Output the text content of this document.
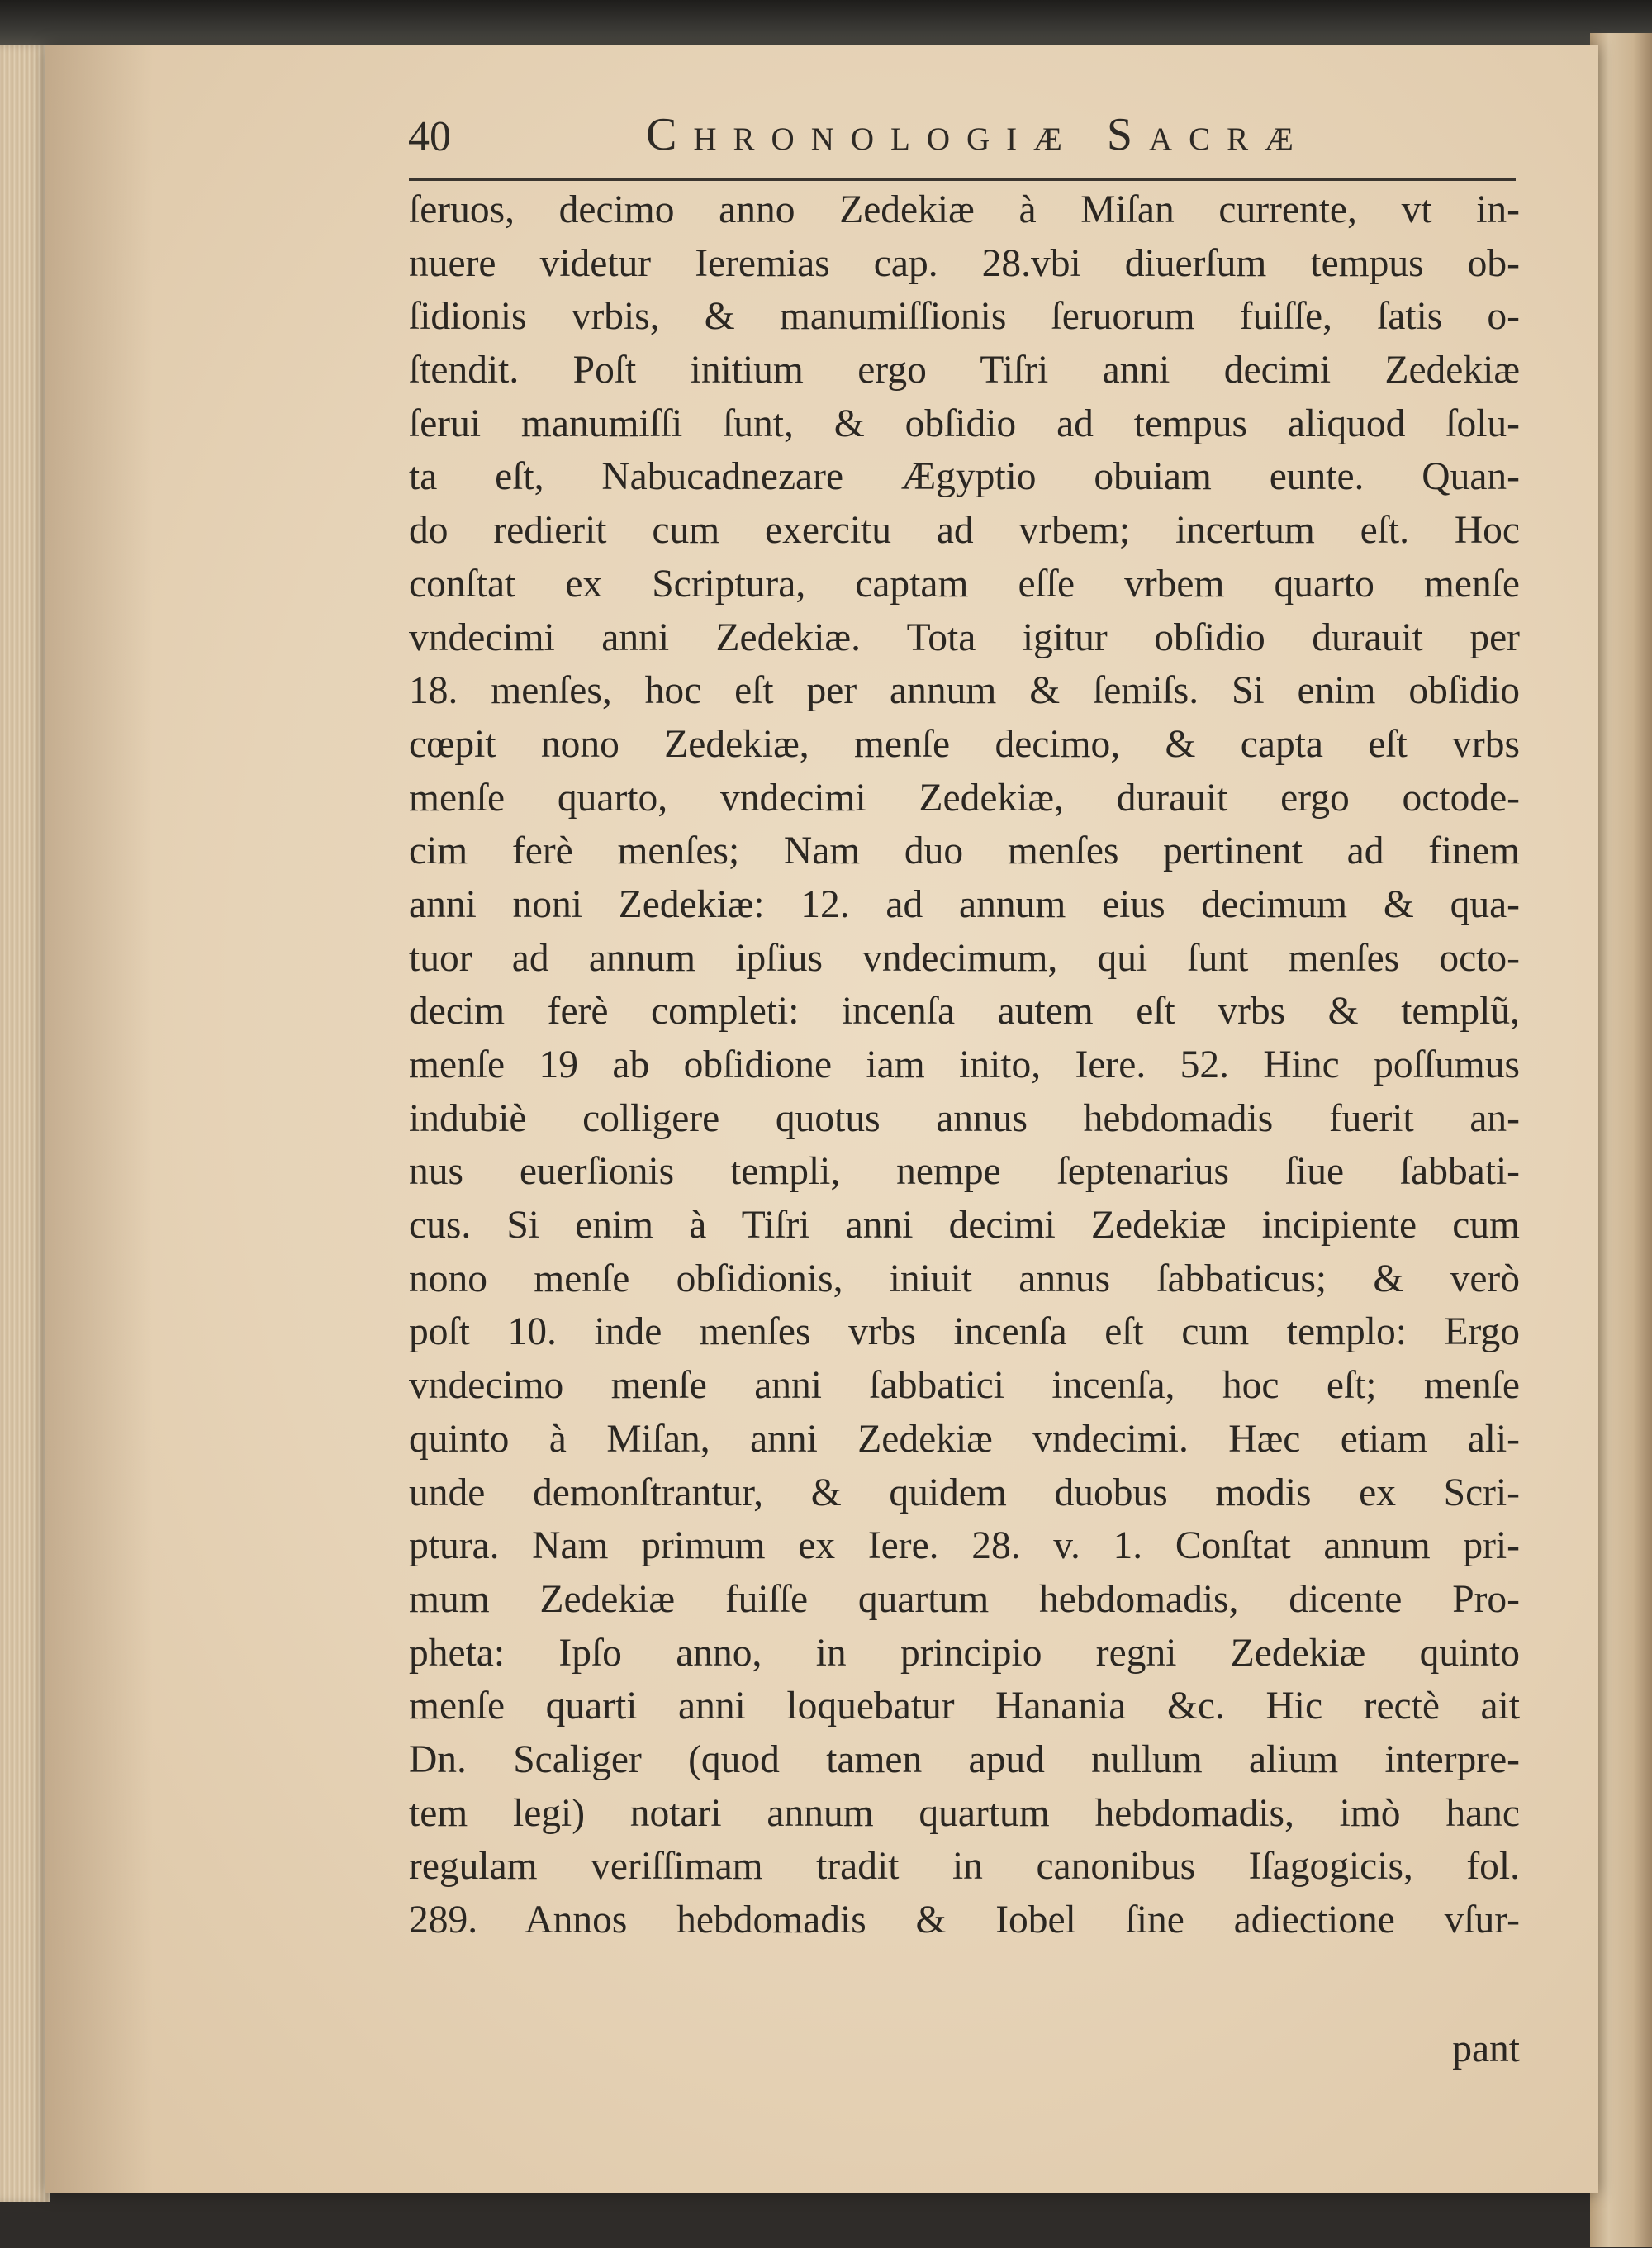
40	Chronologiæ Sacræ
ſeruos, decimo anno Zedekiæ à Miſan currente, vt in-
nuere videtur Ieremias cap. 28.vbi diuerſum tempus ob-
ſidionis vrbis, & manumiſſionis ſeruorum fuiſſe, ſatis o-
ſtendit. Poſt initium ergo Tiſri anni decimi Zedekiæ
ſerui manumiſſi ſunt, & obſidio ad tempus aliquod ſolu-
ta eſt, Nabucadnezare Ægyptio obuiam eunte. Quan-
do redierit cum exercitu ad vrbem; incertum eſt. Hoc
conſtat ex Scriptura, captam eſſe vrbem quarto menſe
vndecimi anni Zedekiæ. Tota igitur obſidio durauit per
18. menſes, hoc eſt per annum & ſemiſs. Si enim obſidio
cœpit nono Zedekiæ, menſe decimo, & capta eſt vrbs
menſe quarto, vndecimi Zedekiæ, durauit ergo octode-
cim ferè menſes; Nam duo menſes pertinent ad finem
anni noni Zedekiæ: 12. ad annum eius decimum & qua-
tuor ad annum ipſius vndecimum, qui ſunt menſes octo-
decim ferè completi: incenſa autem eſt vrbs & templũ,
menſe 19 ab obſidione iam inito, Iere. 52. Hinc poſſumus
indubiè colligere quotus annus hebdomadis fuerit an-
nus euerſionis templi, nempe ſeptenarius ſiue ſabbati-
cus. Si enim à Tiſri anni decimi Zedekiæ incipiente cum
nono menſe obſidionis, iniuit annus ſabbaticus; & verò
poſt 10. inde menſes vrbs incenſa eſt cum templo: Ergo
vndecimo menſe anni ſabbatici incenſa, hoc eſt; menſe
quinto à Miſan, anni Zedekiæ vndecimi. Hæc etiam ali-
unde demonſtrantur, & quidem duobus modis ex Scri-
ptura. Nam primum ex Iere. 28. v. 1. Conſtat annum pri-
mum Zedekiæ fuiſſe quartum hebdomadis, dicente Pro-
pheta: Ipſo anno, in principio regni Zedekiæ quinto
menſe quarti anni loquebatur Hanania &c. Hic rectè ait
Dn. Scaliger (quod tamen apud nullum alium interpre-
tem legi) notari annum quartum hebdomadis, imò hanc
regulam veriſſimam tradit in canonibus Iſagogicis, fol.
289. Annos hebdomadis & Iobel ſine adiectione vſur-
pant
